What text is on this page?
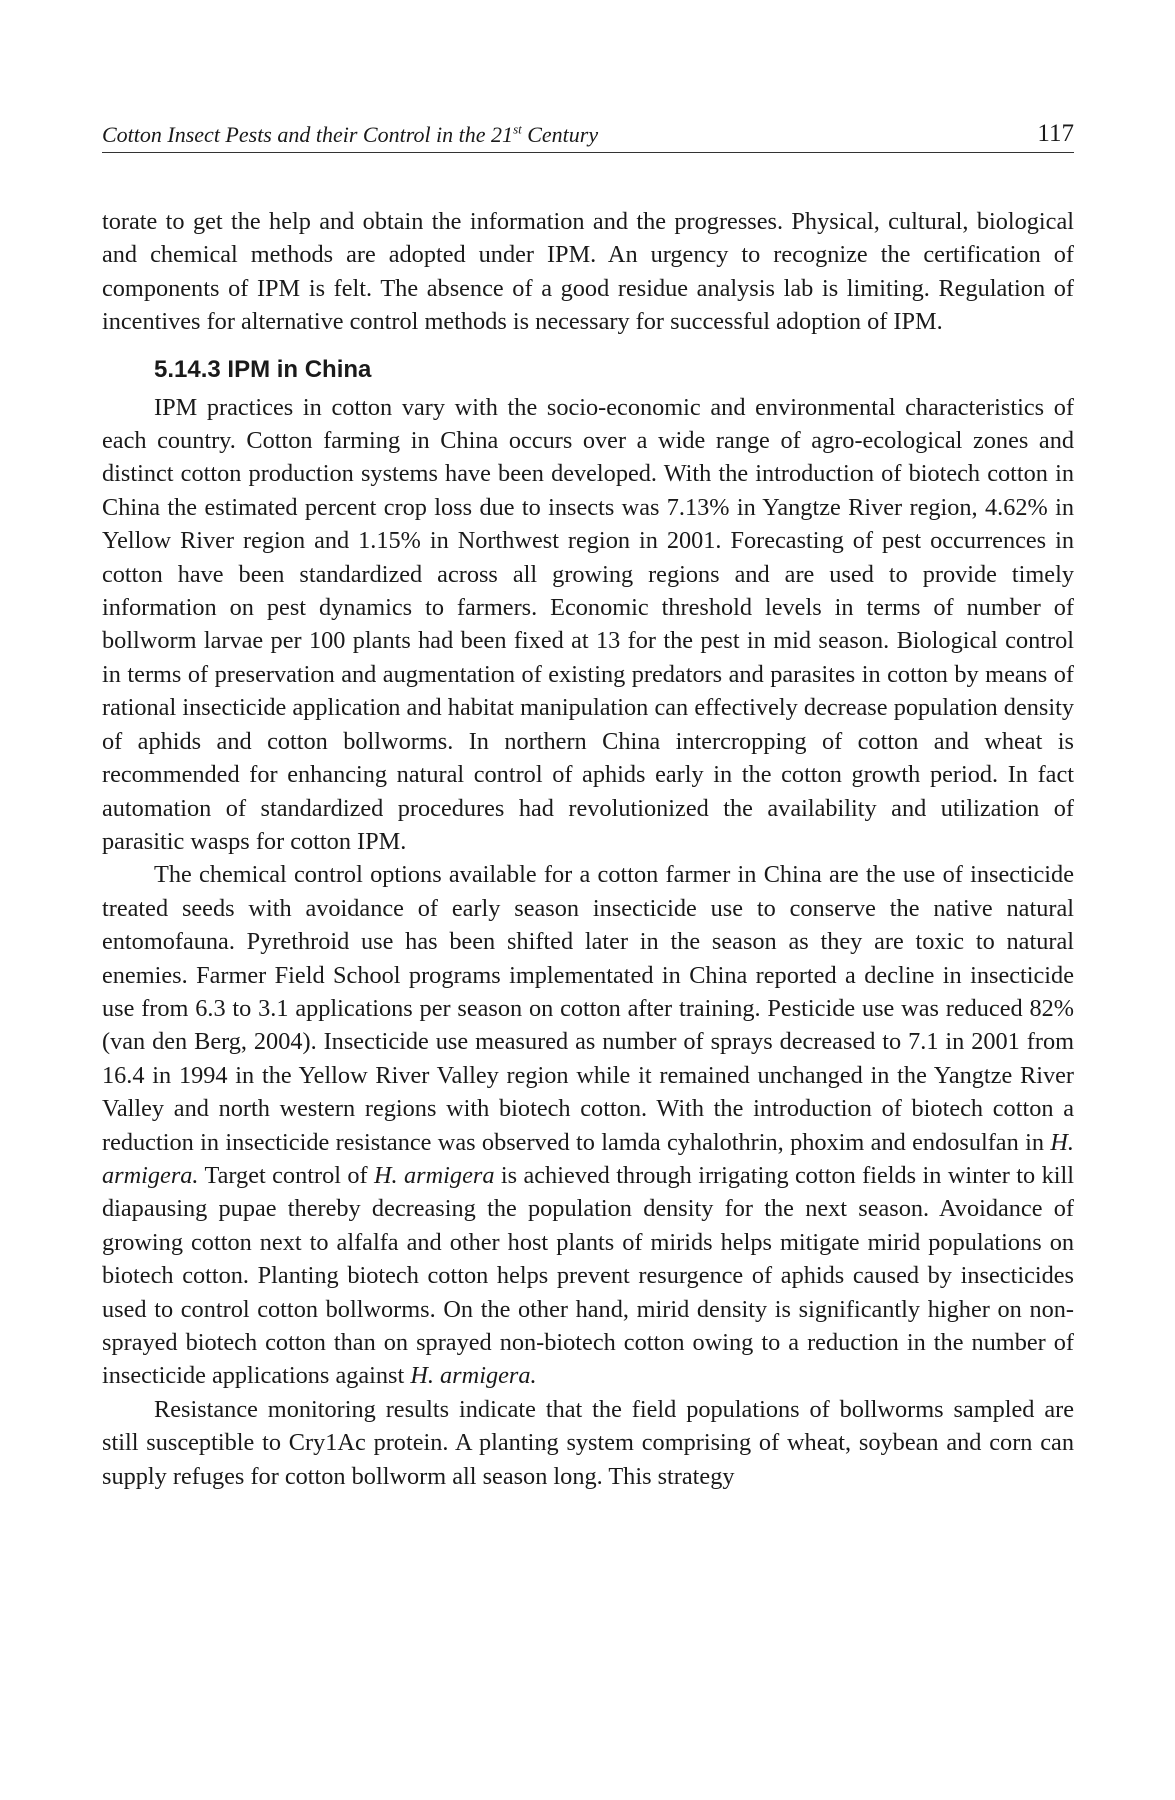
Cotton Insect Pests and their Control in the 21st Century	117

torate to get the help and obtain the information and the progresses. Physical, cultural, biological and chemical methods are adopted under IPM. An urgency to recognize the certification of components of IPM is felt. The absence of a good residue analysis lab is limiting. Regulation of incentives for alternative control methods is necessary for successful adoption of IPM.

5.14.3 IPM in China

IPM practices in cotton vary with the socio-economic and environmental characteristics of each country. Cotton farming in China occurs over a wide range of agro-ecological zones and distinct cotton production systems have been developed. With the introduction of biotech cotton in China the estimated percent crop loss due to insects was 7.13% in Yangtze River region, 4.62% in Yellow River region and 1.15% in Northwest region in 2001. Forecasting of pest occurrences in cotton have been standardized across all growing regions and are used to provide timely information on pest dynamics to farmers. Economic threshold levels in terms of number of bollworm larvae per 100 plants had been fixed at 13 for the pest in mid season. Biological control in terms of preservation and augmentation of existing predators and parasites in cotton by means of rational insecticide application and habitat manipulation can effectively decrease population density of aphids and cotton bollworms. In northern China intercropping of cotton and wheat is recommended for enhancing natural control of aphids early in the cotton growth period. In fact automation of standardized procedures had revolutionized the availability and utilization of parasitic wasps for cotton IPM.

The chemical control options available for a cotton farmer in China are the use of insecticide treated seeds with avoidance of early season insecticide use to conserve the native natural entomofauna. Pyrethroid use has been shifted later in the season as they are toxic to natural enemies. Farmer Field School programs implementated in China reported a decline in insecticide use from 6.3 to 3.1 applications per season on cotton after training. Pesticide use was reduced 82% (van den Berg, 2004). Insecticide use measured as number of sprays decreased to 7.1 in 2001 from 16.4 in 1994 in the Yellow River Valley region while it remained unchanged in the Yangtze River Valley and north western regions with biotech cotton. With the introduction of biotech cotton a reduction in insecticide resistance was observed to lamda cyhalothrin, phoxim and endosulfan in H. armigera. Target control of H. armigera is achieved through irrigating cotton fields in winter to kill diapausing pupae thereby decreasing the population density for the next season. Avoidance of growing cotton next to alfalfa and other host plants of mirids helps mitigate mirid populations on biotech cotton. Planting biotech cotton helps prevent resurgence of aphids caused by insecticides used to control cotton bollworms. On the other hand, mirid density is significantly higher on non-sprayed biotech cotton than on sprayed non-biotech cotton owing to a reduction in the number of insecticide applications against H. armigera.

Resistance monitoring results indicate that the field populations of bollworms sampled are still susceptible to Cry1Ac protein. A planting system comprising of wheat, soybean and corn can supply refuges for cotton bollworm all season long. This strategy
